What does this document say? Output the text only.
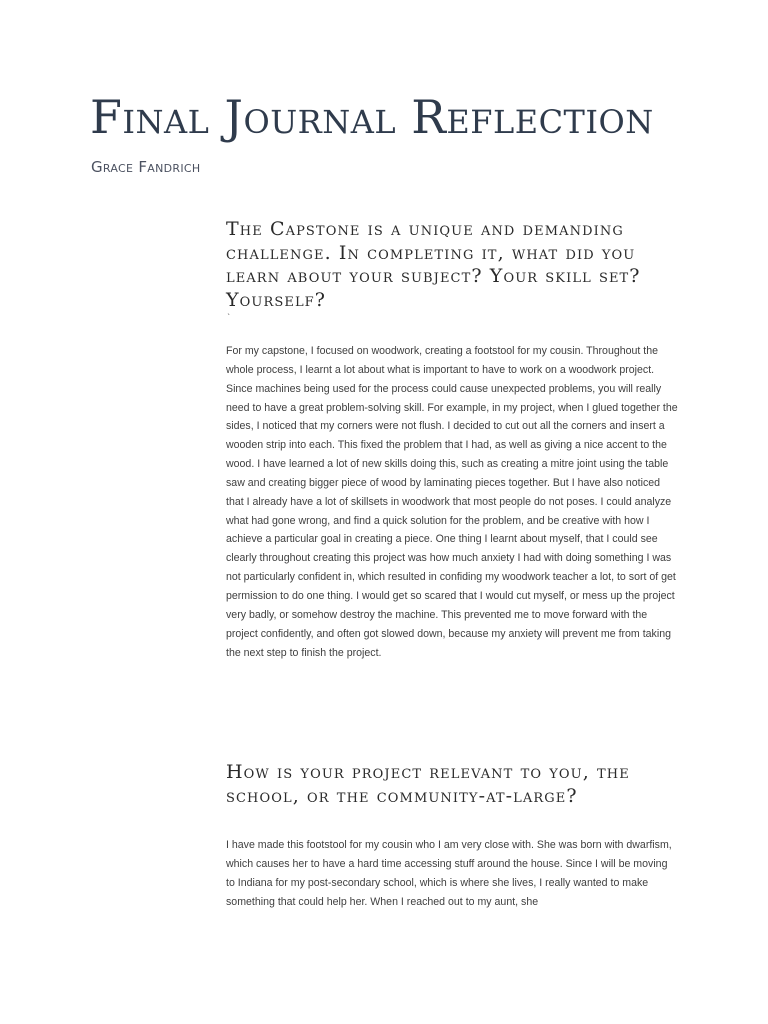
Final Journal Reflection
Grace Fandrich
The Capstone is a unique and demanding challenge. In completing it, what did you learn about your subject? Your skill set? Yourself?
`

For my capstone, I focused on woodwork, creating a footstool for my cousin. Throughout the whole process, I learnt a lot about what is important to have to work on a woodwork project. Since machines being used for the process could cause unexpected problems, you will really need to have a great problem-solving skill. For example, in my project, when I glued together the sides, I noticed that my corners were not flush. I decided to cut out all the corners and insert a wooden strip into each. This fixed the problem that I had, as well as giving a nice accent to the wood. I have learned a lot of new skills doing this, such as creating a mitre joint using the table saw and creating bigger piece of wood by laminating pieces together. But I have also noticed that I already have a lot of skillsets in woodwork that most people do not poses. I could analyze what had gone wrong, and find a quick solution for the problem, and be creative with how I achieve a particular goal in creating a piece. One thing I learnt about myself, that I could see clearly throughout creating this project was how much anxiety I had with doing something I was not particularly confident in, which resulted in confiding my woodwork teacher a lot, to sort of get permission to do one thing. I would get so scared that I would cut myself, or mess up the project very badly, or somehow destroy the machine. This prevented me to move forward with the project confidently, and often got slowed down, because my anxiety will prevent me from taking the next step to finish the project.

How is your project relevant to you, the school, or the community-at-large?

I have made this footstool for my cousin who I am very close with. She was born with dwarfism, which causes her to have a hard time accessing stuff around the house. Since I will be moving to Indiana for my post-secondary school, which is where she lives, I really wanted to make something that could help her. When I reached out to my aunt, she
